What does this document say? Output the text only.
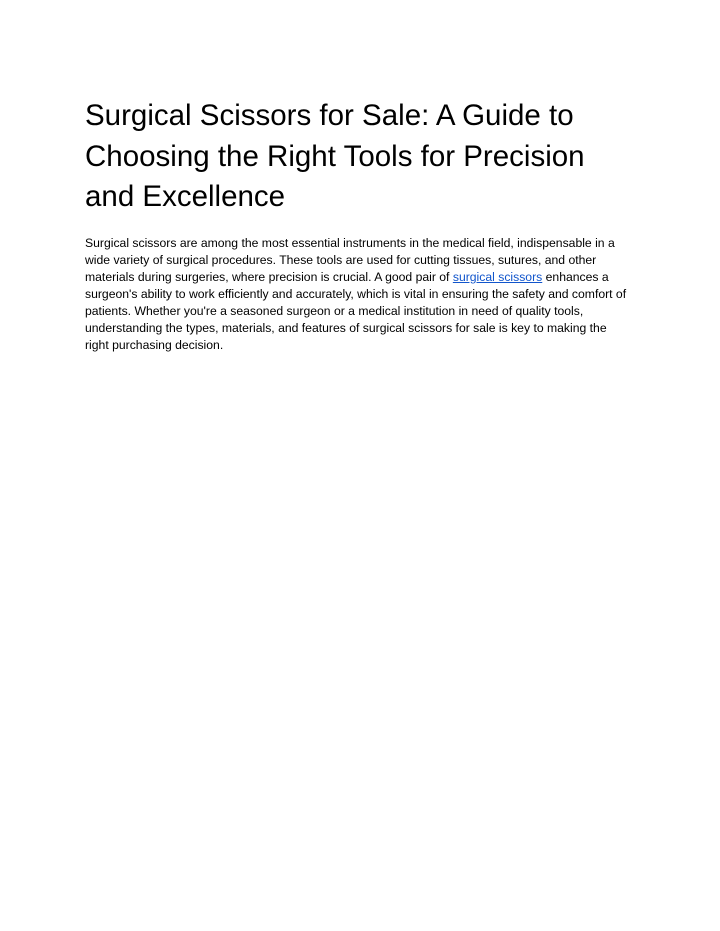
Surgical Scissors for Sale: A Guide to Choosing the Right Tools for Precision and Excellence

Surgical scissors are among the most essential instruments in the medical field, indispensable in a wide variety of surgical procedures. These tools are used for cutting tissues, sutures, and other materials during surgeries, where precision is crucial. A good pair of surgical scissors enhances a surgeon's ability to work efficiently and accurately, which is vital in ensuring the safety and comfort of patients. Whether you're a seasoned surgeon or a medical institution in need of quality tools, understanding the types, materials, and features of surgical scissors for sale is key to making the right purchasing decision.
